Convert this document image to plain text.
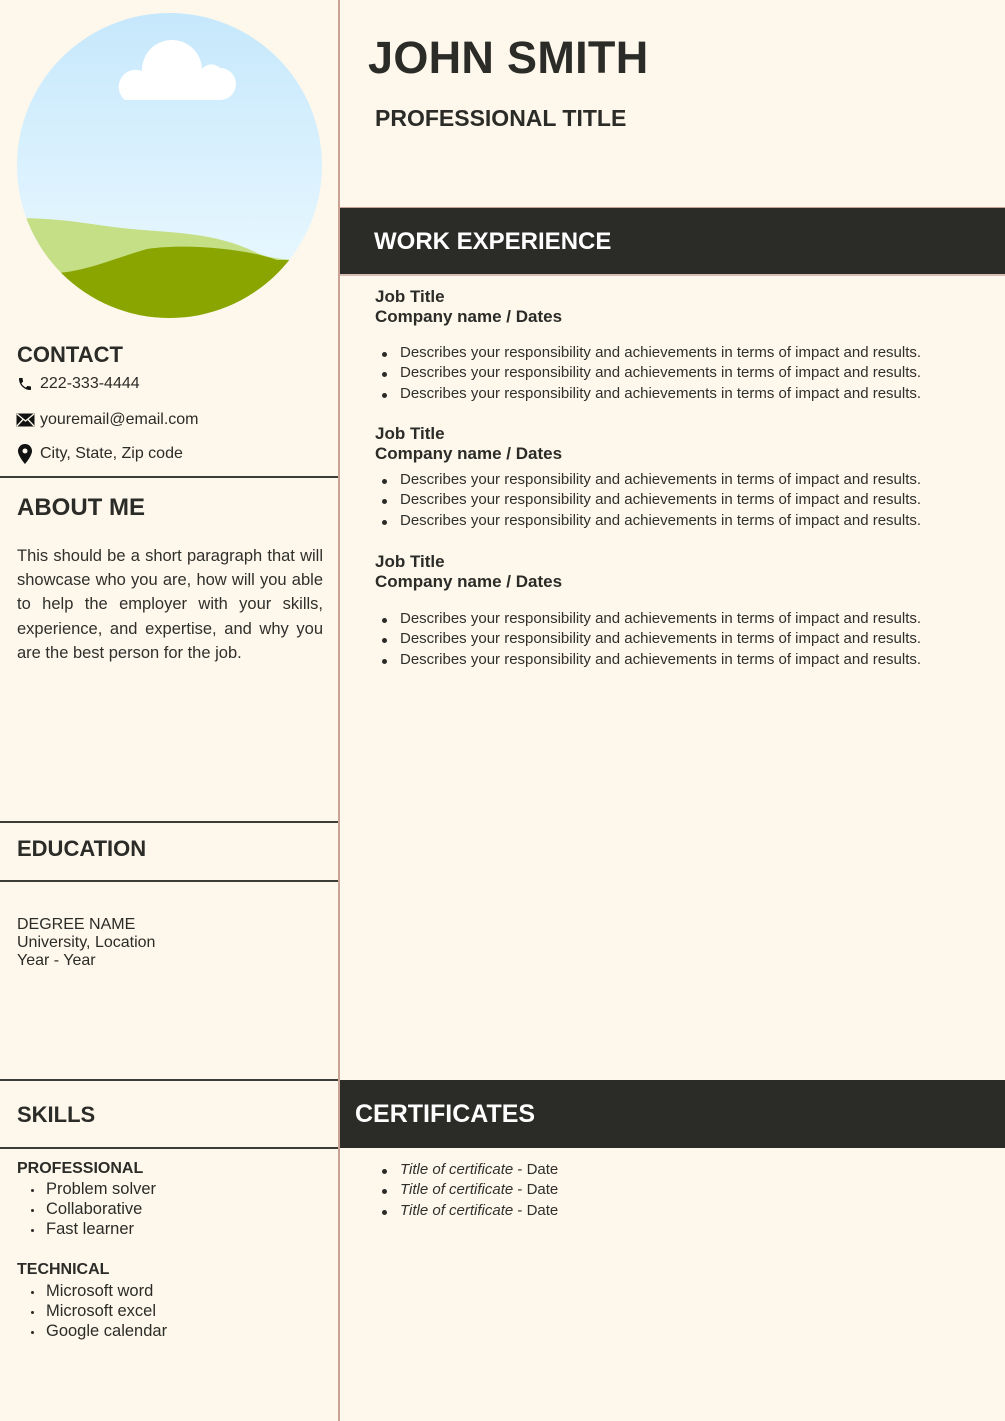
CONTACT
222-333-4444
youremail@email.com
City, State, Zip code
ABOUT ME

This should be a short paragraph that will showcase who you are, how will you able to help the employer with your skills, experience, and expertise, and why you are the best person for the job.

EDUCATION
DEGREE NAME
University, Location
Year - Year
SKILLS
PROFESSIONAL
Problem solver
Collaborative
Fast learner
TECHNICAL
Microsoft word
Microsoft excel
Google calendar
JOHN SMITH
PROFESSIONAL TITLE
WORK EXPERIENCE
Job Title
Company name / Dates
Describes your responsibility and achievements in terms of impact and results.
Describes your responsibility and achievements in terms of impact and results.
Describes your responsibility and achievements in terms of impact and results.
Job Title
Company name / Dates
Describes your responsibility and achievements in terms of impact and results.
Describes your responsibility and achievements in terms of impact and results.
Describes your responsibility and achievements in terms of impact and results.
Job Title
Company name / Dates
Describes your responsibility and achievements in terms of impact and results.
Describes your responsibility and achievements in terms of impact and results.
Describes your responsibility and achievements in terms of impact and results.
CERTIFICATES
Title of certificate - Date
Title of certificate - Date
Title of certificate - Date
